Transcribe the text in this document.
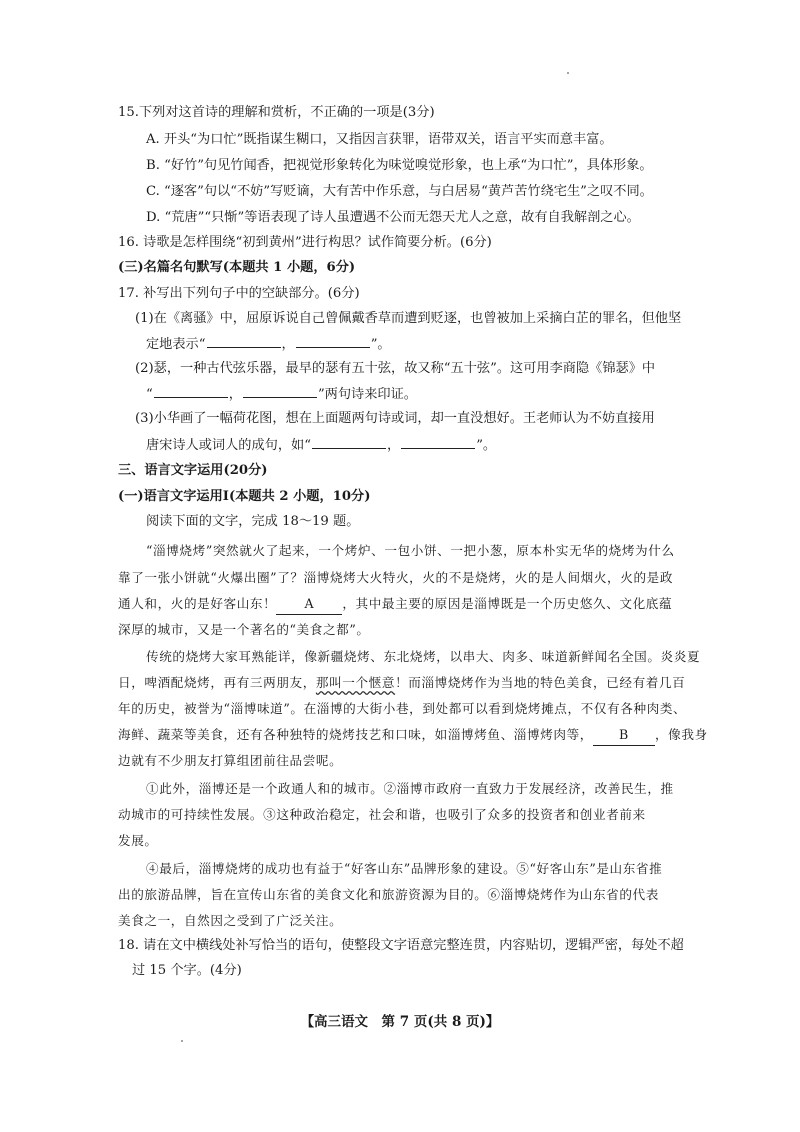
15.下列对这首诗的理解和赏析，不正确的一项是(3分)
A. 开头“为口忙”既指谋生糊口，又指因言获罪，语带双关，语言平实而意丰富。
B. “好竹”句见竹闻香，把视觉形象转化为味觉嗅觉形象，也上承“为口忙”，具体形象。
C. “逐客”句以“不妨”写贬谪，大有苦中作乐意，与白居易“黄芦苦竹绕宅生”之叹不同。
D. “荒唐”“只惭”等语表现了诗人虽遭遇不公而无怨天尤人之意，故有自我解剖之心。
16. 诗歌是怎样围绕“初到黄州”进行构思？试作简要分析。(6分)
(三)名篇名句默写(本题共 1 小题，6分)
17. 补写出下列句子中的空缺部分。(6分)
(1)在《离骚》中，屈原诉说自己曾佩戴香草而遭到贬逐，也曾被加上采摘白芷的罪名，但他坚
定地表示“	，	”。
(2)瑟，一种古代弦乐器，最早的瑟有五十弦，故又称“五十弦”。这可用李商隐《锦瑟》中
“	，	”两句诗来印证。
(3)小华画了一幅荷花图，想在上面题两句诗或词，却一直没想好。王老师认为不妨直接用
唐宋诗人或词人的成句，如“	，	”。
三、语言文字运用(20分)
(一)语言文字运用Ⅰ(本题共 2 小题，10分)
阅读下面的文字，完成 18～19 题。
“淄博烧烤”突然就火了起来，一个烤炉、一包小饼、一把小葱，原本朴实无华的烧烤为什么
靠了一张小饼就“火爆出圈”了？淄博烧烤大火特火，火的不是烧烤，火的是人间烟火，火的是政
通人和，火的是好客山东！ A ，其中最主要的原因是淄博既是一个历史悠久、文化底蕴
深厚的城市，又是一个著名的“美食之都”。
传统的烧烤大家耳熟能详，像新疆烧烤、东北烧烤，以串大、肉多、味道新鲜闻名全国。炎炎夏
日，啤酒配烧烤，再有三两朋友，那叫一个惬意！而淄博烧烤作为当地的特色美食，已经有着几百
年的历史，被誉为“淄博味道”。在淄博的大街小巷，到处都可以看到烧烤摊点，不仅有各种肉类、
海鲜、蔬菜等美食，还有各种独特的烧烤技艺和口味，如淄博烤鱼、淄博烤肉等， B ，像我身
边就有不少朋友打算组团前往品尝呢。
①此外，淄博还是一个政通人和的城市。②淄博市政府一直致力于发展经济，改善民生，推
动城市的可持续性发展。③这种政治稳定，社会和谐，也吸引了众多的投资者和创业者前来
发展。
④最后，淄博烧烤的成功也有益于“好客山东”品牌形象的建设。⑤“好客山东”是山东省推
出的旅游品牌，旨在宣传山东省的美食文化和旅游资源为目的。⑥淄博烧烤作为山东省的代表
美食之一，自然因之受到了广泛关注。
18. 请在文中横线处补写恰当的语句，使整段文字语意完整连贯，内容贴切，逻辑严密，每处不超
过 15 个字。(4分)
【高三语文　第 7 页(共 8 页)】
